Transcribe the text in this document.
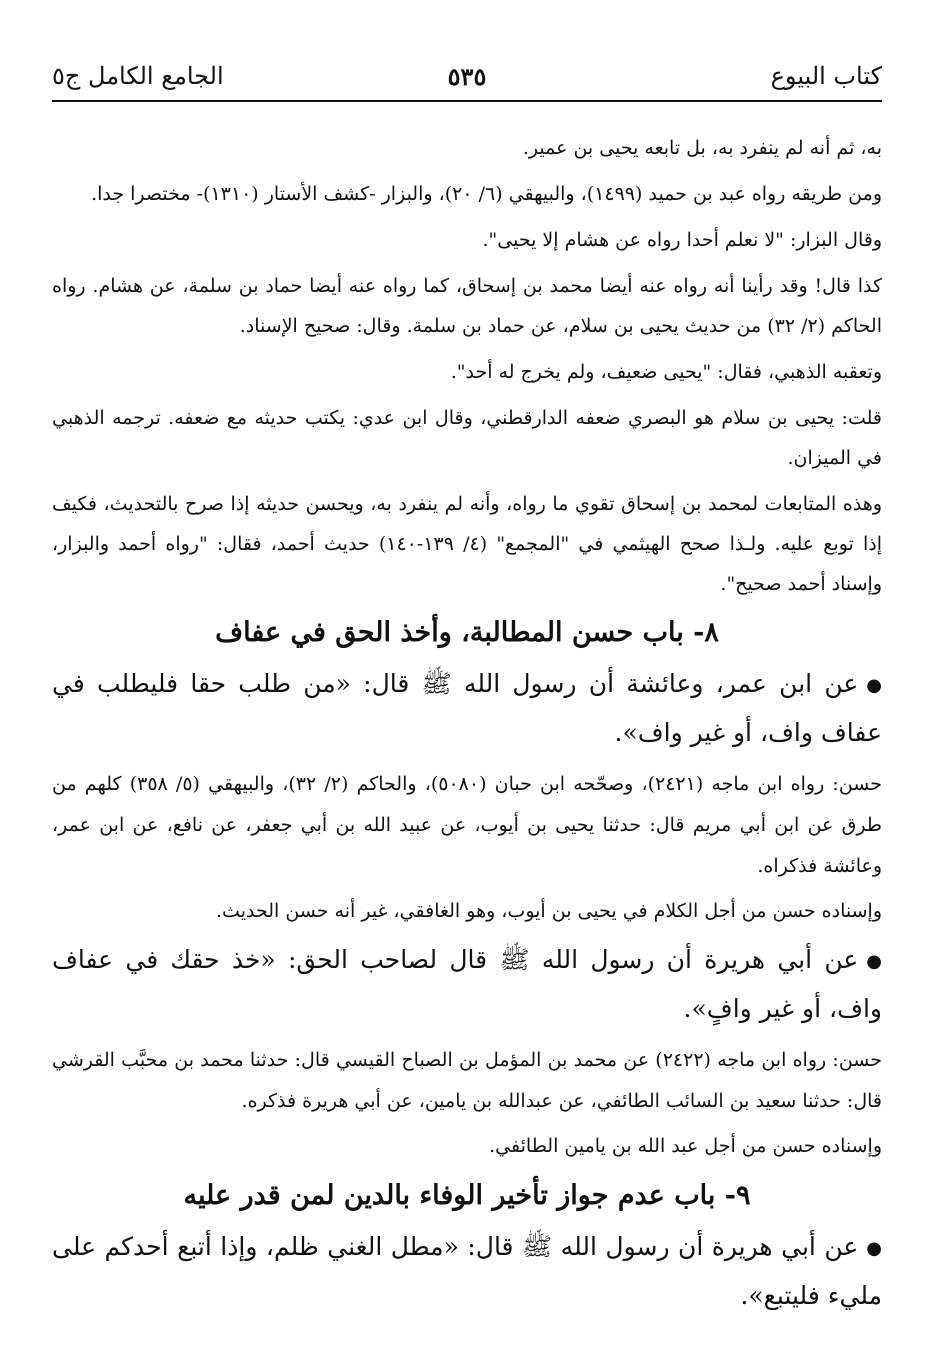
كتاب البيوع
٥٣٥
الجامع الكامل ج٥

به، ثم أنه لم ينفرد به، بل تابعه يحيى بن عمير.

ومن طريقه رواه عبد بن حميد (١٤٩٩)، والبيهقي (٦/ ٢٠)، والبزار -كشف الأستار (١٣١٠)- مختصرا جدا.

وقال البزار: "لا نعلم أحدا رواه عن هشام إلا يحيى".

كذا قال! وقد رأينا أنه رواه عنه أيضا محمد بن إسحاق، كما رواه عنه أيضا حماد بن سلمة، عن هشام. رواه الحاكم (٢/ ٣٢) من حديث يحيى بن سلام، عن حماد بن سلمة. وقال: صحيح الإسناد.

وتعقبه الذهبي، فقال: "يحيى ضعيف، ولم يخرج له أحد".

قلت: يحيى بن سلام هو البصري ضعفه الدارقطني، وقال ابن عدي: يكتب حديثه مع ضعفه. ترجمه الذهبي في الميزان.

وهذه المتابعات لمحمد بن إسحاق تقوي ما رواه، وأنه لم ينفرد به، ويحسن حديثه إذا صرح بالتحديث، فكيف إذا توبع عليه. ولـذا صحح الهيثمي في "المجمع" (٤/ ١٣٩-١٤٠) حديث أحمد، فقال: "رواه أحمد والبزار، وإسناد أحمد صحيح".

٨- باب حسن المطالبة، وأخذ الحق في عفاف

●عن ابن عمر، وعائشة أن رسول الله ﷺ قال: «من طلب حقا فليطلب في عفاف واف، أو غير واف».

حسن: رواه ابن ماجه (٢٤٢١)، وصحّحه ابن حبان (٥٠٨٠)، والحاكم (٢/ ٣٢)، والبيهقي (٥/ ٣٥٨) كلهم من طرق عن ابن أبي مريم قال: حدثنا يحيى بن أيوب، عن عبيد الله بن أبي جعفر، عن نافع، عن ابن عمر، وعائشة فذكراه.

وإسناده حسن من أجل الكلام في يحيى بن أيوب، وهو الغافقي، غير أنه حسن الحديث.

●عن أبي هريرة أن رسول الله ﷺ قال لصاحب الحق: «خذ حقك في عفاف واف، أو غير وافٍ».

حسن: رواه ابن ماجه (٢٤٢٢) عن محمد بن المؤمل بن الصباح القيسي قال: حدثنا محمد بن محبَّب القرشي قال: حدثنا سعيد بن السائب الطائفي، عن عبدالله بن يامين، عن أبي هريرة فذكره.

وإسناده حسن من أجل عبد الله بن يامين الطائفي.

٩- باب عدم جواز تأخير الوفاء بالدين لمن قدر عليه

●عن أبي هريرة أن رسول الله ﷺ قال: «مطل الغني ظلم، وإذا أتبع أحدكم على مليء فليتبع».
